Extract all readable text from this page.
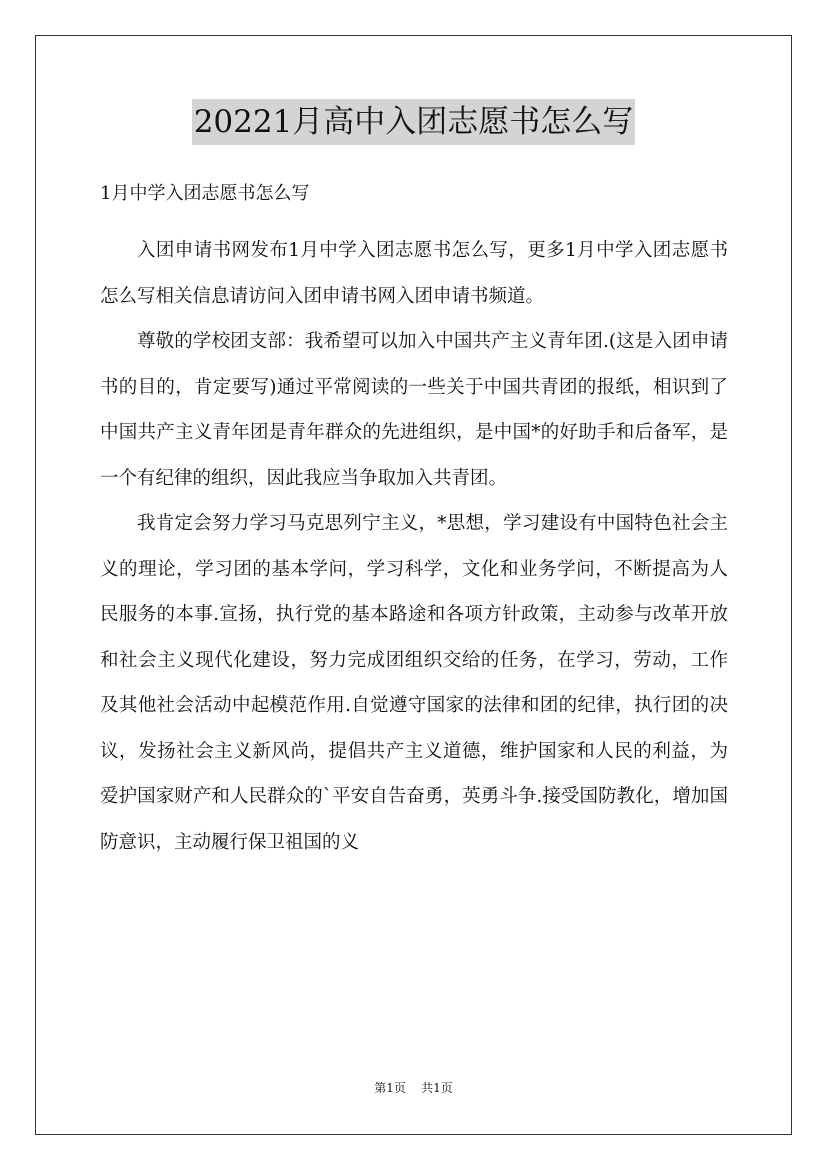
20221月高中入团志愿书怎么写
1月中学入团志愿书怎么写

入团申请书网发布1月中学入团志愿书怎么写，更多1月中学入团志愿书怎么写相关信息请访问入团申请书网入团申请书频道。

尊敬的学校团支部：我希望可以加入中国共产主义青年团.(这是入团申请书的目的，肯定要写)通过平常阅读的一些关于中国共青团的报纸，相识到了中国共产主义青年团是青年群众的先进组织，是中国*的好助手和后备军，是一个有纪律的组织，因此我应当争取加入共青团。

我肯定会努力学习马克思列宁主义，*思想，学习建设有中国特色社会主义的理论，学习团的基本学问，学习科学，文化和业务学问，不断提高为人民服务的本事.宣扬，执行党的基本路途和各项方针政策，主动参与改革开放和社会主义现代化建设，努力完成团组织交给的任务，在学习，劳动，工作及其他社会活动中起模范作用.自觉遵守国家的法律和团的纪律，执行团的决议，发扬社会主义新风尚，提倡共产主义道德，维护国家和人民的利益，为爱护国家财产和人民群众的`平安自告奋勇，英勇斗争.接受国防教化，增加国防意识，主动履行保卫祖国的义

第1页 共1页
